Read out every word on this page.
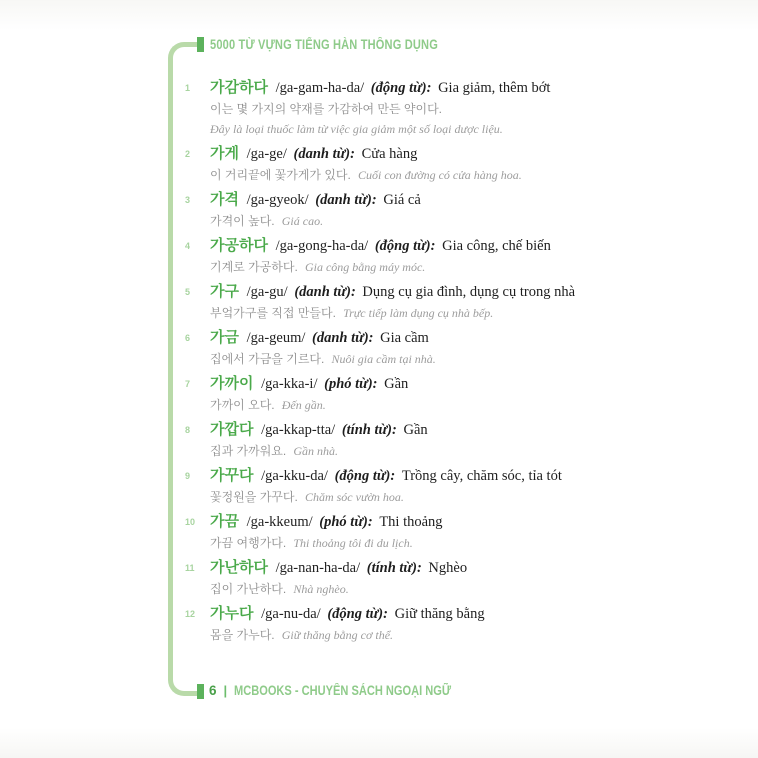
5000 TỪ VỰNG TIẾNG HÀN THÔNG DỤNG
1	가감하다 /ga-gam-ha-da/ (động từ): Gia giảm, thêm bớt
이는 몇 가지의 약재를 가감하여 만든 약이다.
Đây là loại thuốc làm từ việc gia giảm một số loại dược liệu.
2	가게 /ga-ge/ (danh từ): Cửa hàng
이 거리끝에 꽃가게가 있다. Cuối con đường có cửa hàng hoa.
3	가격 /ga-gyeok/ (danh từ): Giá cả
가격이 높다. Giá cao.
4	가공하다 /ga-gong-ha-da/ (động từ): Gia công, chế biến
기계로 가공하다. Gia công bằng máy móc.
5	가구 /ga-gu/ (danh từ): Dụng cụ gia đình, dụng cụ trong nhà
부엌가구를 직접 만들다. Trực tiếp làm dụng cụ nhà bếp.
6	가금 /ga-geum/ (danh từ): Gia cầm
집에서 가금을 기르다. Nuôi gia cầm tại nhà.
7	가까이 /ga-kka-i/ (phó từ): Gần
가까이 오다. Đến gần.
8	가깝다 /ga-kkap-tta/ (tính từ): Gần
집과 가까워요. Gần nhà.
9	가꾸다 /ga-kku-da/ (động từ): Trồng cây, chăm sóc, tỉa tót
꽃정원을 가꾸다. Chăm sóc vườn hoa.
10 가끔 /ga-kkeum/ (phó từ): Thi thoảng
가끔 여행가다. Thi thoảng tôi đi du lịch.
11	가난하다 /ga-nan-ha-da/ (tính từ): Nghèo
집이 가난하다. Nhà nghèo.
12 가누다 /ga-nu-da/ (động từ): Giữ thăng bằng
몸을 가누다. Giữ thăng bằng cơ thể.
6 | MCBOOKS - CHUYÊN SÁCH NGOẠI NGỮ
